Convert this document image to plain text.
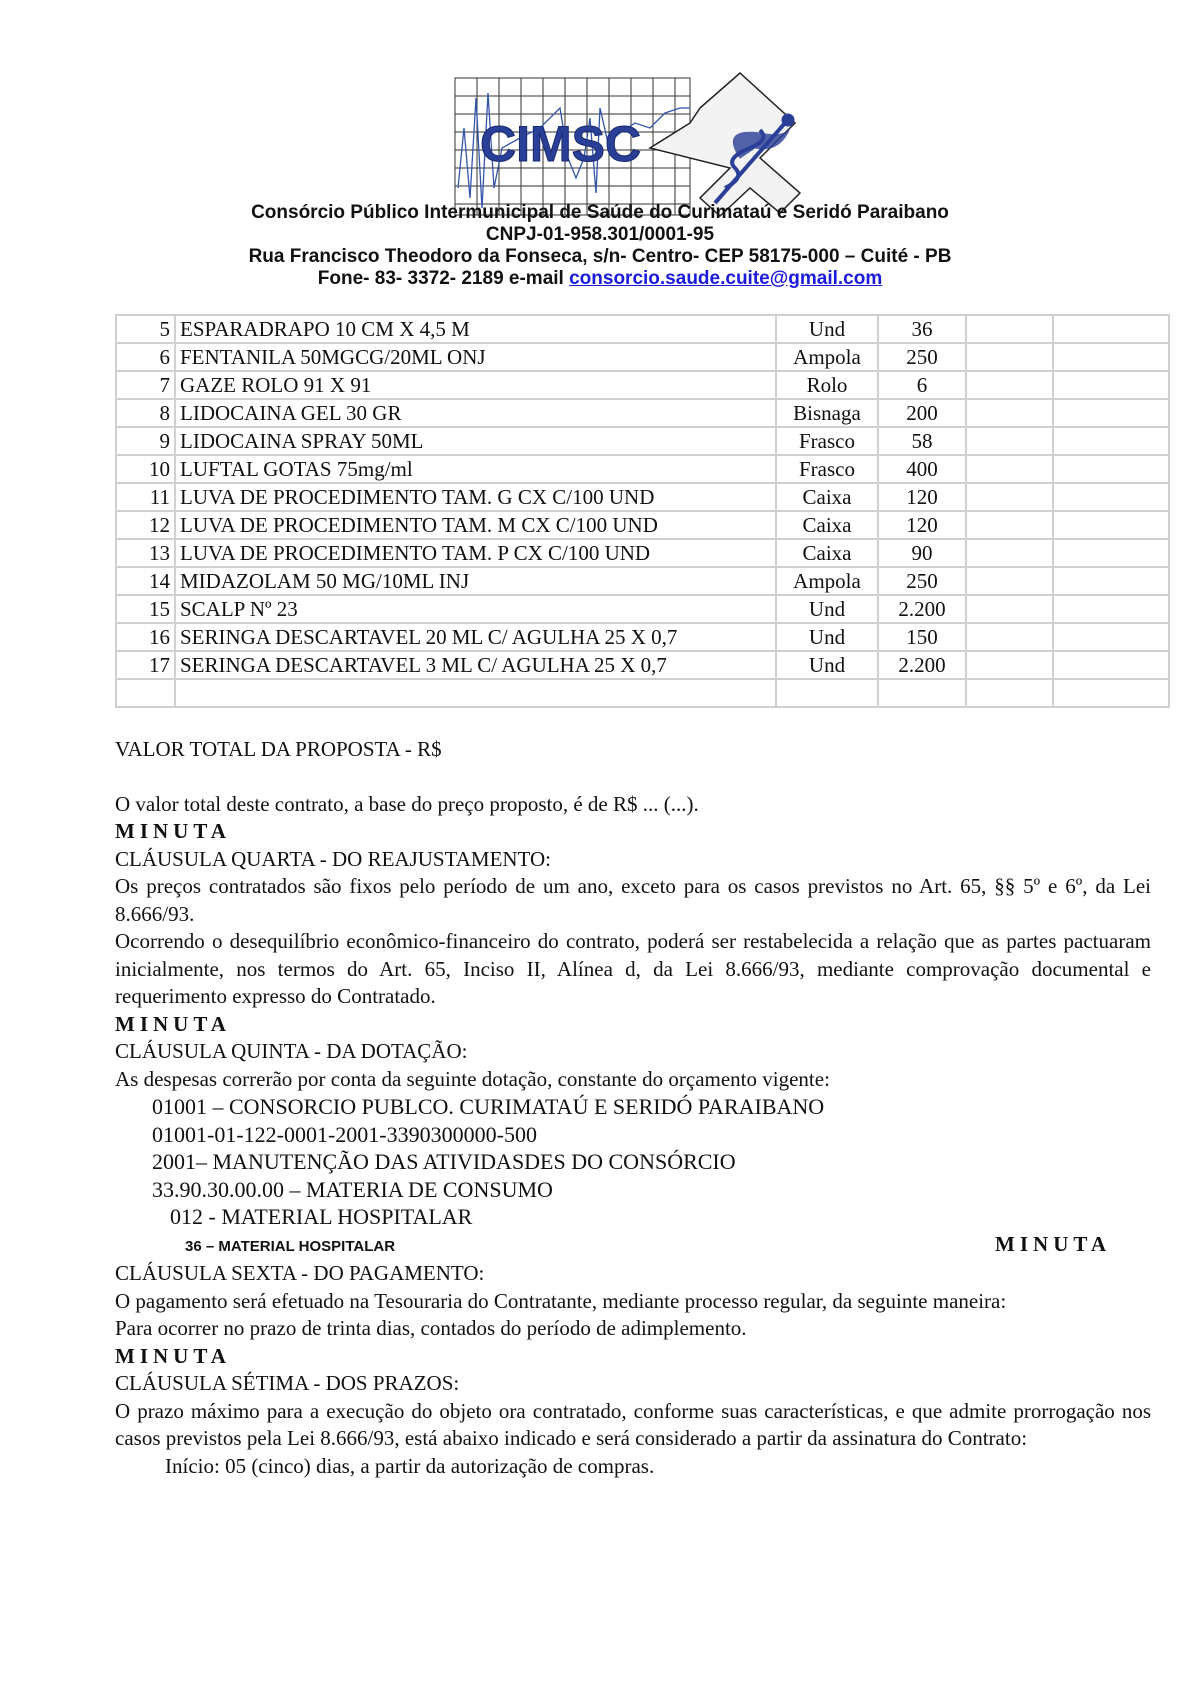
CIMSC
Consórcio Público Intermunicipal de Saúde do Curimataú e Seridó Paraibano
CNPJ-01-958.301/0001-95
Rua Francisco Theodoro da Fonseca, s/n- Centro- CEP 58175-000 – Cuité - PB
Fone- 83- 3372- 2189 e-mail consorcio.saude.cuite@gmail.com
5	ESPARADRAPO 10 CM X 4,5 M	Und	36		
6	FENTANILA 50MGCG/20ML ONJ	Ampola	250		
7	GAZE ROLO 91 X 91	Rolo	6		
8	LIDOCAINA GEL 30 GR	Bisnaga	200		
9	LIDOCAINA SPRAY 50ML	Frasco	58		
10	LUFTAL GOTAS 75mg/ml	Frasco	400		
11	LUVA DE PROCEDIMENTO TAM. G CX C/100 UND	Caixa	120		
12	LUVA DE PROCEDIMENTO TAM. M CX C/100 UND	Caixa	120		
13	LUVA DE PROCEDIMENTO TAM. P CX C/100 UND	Caixa	90		
14	MIDAZOLAM 50 MG/10ML INJ	Ampola	250		
15	SCALP Nº 23	Und	2.200		
16	SERINGA DESCARTAVEL 20 ML C/ AGULHA 25 X 0,7	Und	150		
17	SERINGA DESCARTAVEL 3 ML C/ AGULHA 25 X 0,7	Und	2.200		

VALOR TOTAL DA PROPOSTA - R$

O valor total deste contrato, a base do preço proposto, é de R$ ... (...).

MINUTA

CLÁUSULA QUARTA - DO REAJUSTAMENTO:

Os preços contratados são fixos pelo período de um ano, exceto para os casos previstos no Art. 65, §§ 5º e 6º, da Lei 8.666/93.

Ocorrendo o desequilíbrio econômico-financeiro do contrato, poderá ser restabelecida a relação que as partes pactuaram inicialmente, nos termos do Art. 65, Inciso II, Alínea d, da Lei 8.666/93, mediante comprovação documental e requerimento expresso do Contratado.

MINUTA

CLÁUSULA QUINTA - DA DOTAÇÃO:

As despesas correrão por conta da seguinte dotação, constante do orçamento vigente:

01001 – CONSORCIO PUBLCO. CURIMATAÚ E SERIDÓ PARAIBANO

01001-01-122-0001-2001-3390300000-500

2001– MANUTENÇÃO DAS ATIVIDASDES DO CONSÓRCIO

33.90.30.00.00 – MATERIA DE CONSUMO

012 - MATERIAL HOSPITALAR

36 – MATERIAL HOSPITALAR	MINUTA

CLÁUSULA SEXTA - DO PAGAMENTO:

O pagamento será efetuado na Tesouraria do Contratante, mediante processo regular, da seguinte maneira:

Para ocorrer no prazo de trinta dias, contados do período de adimplemento.

MINUTA

CLÁUSULA SÉTIMA - DOS PRAZOS:

O prazo máximo para a execução do objeto ora contratado, conforme suas características, e que admite prorrogação nos casos previstos pela Lei 8.666/93, está abaixo indicado e será considerado a partir da assinatura do Contrato:

Início: 05 (cinco) dias, a partir da autorização de compras.
